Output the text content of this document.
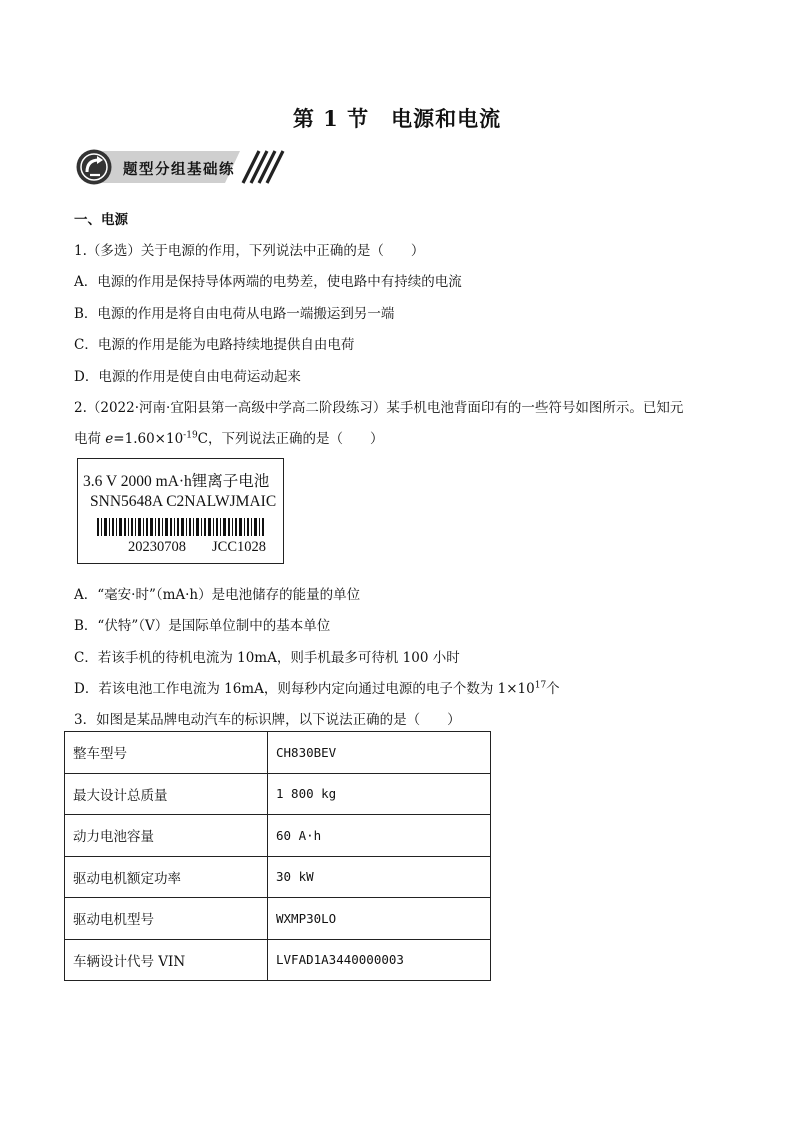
第 1 节 电源和电流
题型分组基础练
一、电源
1.（多选）关于电源的作用，下列说法中正确的是（　　）
A．电源的作用是保持导体两端的电势差，使电路中有持续的电流
B．电源的作用是将自由电荷从电路一端搬运到另一端
C．电源的作用是能为电路持续地提供自由电荷
D．电源的作用是使自由电荷运动起来
2.（2022·河南·宜阳县第一高级中学高二阶段练习）某手机电池背面印有的一些符号如图所示。已知元
电荷 $e=1.60\times 10^{-19}C$，下列说法正确的是（　　）
3.6 V 2000 mA·h锂离子电池
SNN5648A C2NALWJMAIC
20230708 JCC1028
A．“毫安·时”（mA·h）是电池储存的能量的单位
B．“伏特”（V）是国际单位制中的基本单位
C．若该手机的待机电流为 10mA，则手机最多可待机 100 小时
D．若该电池工作电流为 16mA，则每秒内定向通过电源的电子个数为 $1\times 10^{17}$个
3．如图是某品牌电动汽车的标识牌，以下说法正确的是（　　）
整车型号	CH830BEV
最大设计总质量	1 800 kg
动力电池容量	60 A·h
驱动电机额定功率	30 kW
驱动电机型号	WXMP30LO
车辆设计代号 VIN	LVFAD1A3440000003
